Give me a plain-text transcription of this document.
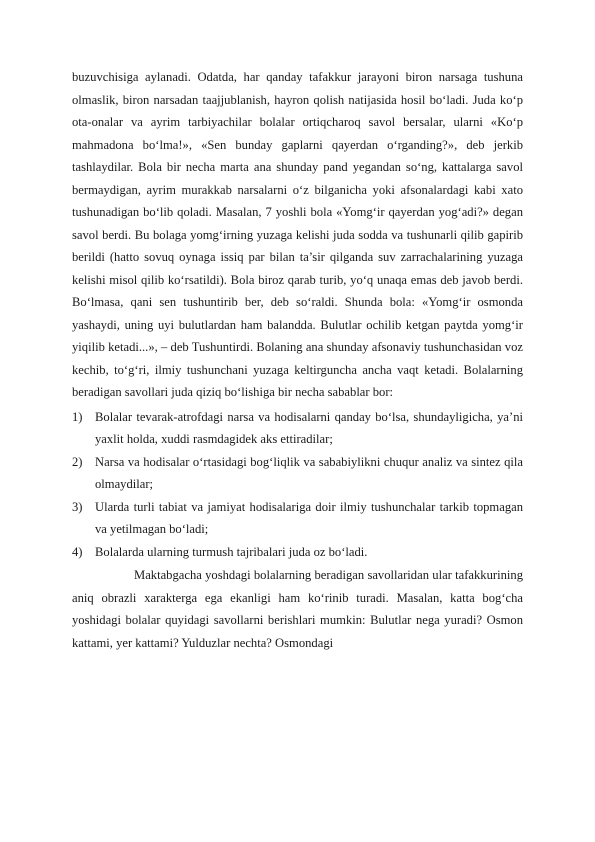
buzuvchisiga aylanadi. Odatda, har qanday tafakkur jarayoni biron narsaga tushuna olmaslik, biron narsadan taajjublanish, hayron qolish natijasida hosil bo‘ladi. Juda ko‘p ota-onalar va ayrim tarbiyachilar bolalar ortiqcharoq savol bersalar, ularni «Ko‘p mahmadona bo‘lma!», «Sen bunday gaplarni qayerdan o‘rganding?», deb jerkib tashlaydilar. Bola bir necha marta ana shunday pand yegandan so‘ng, kattalarga savol bermaydigan, ayrim murakkab narsalarni o‘z bilganicha yoki afsonalardagi kabi xato tushunadigan bo‘lib qoladi. Masalan, 7 yoshli bola «Yomg‘ir qayerdan yog‘adi?» degan savol berdi. Bu bolaga yomg‘irning yuzaga kelishi juda sodda va tushunarli qilib gapirib berildi (hatto sovuq oynaga issiq par bilan ta’sir qilganda suv zarrachalarining yuzaga kelishi misol qilib ko‘rsatildi). Bola biroz qarab turib, yo‘q unaqa emas deb javob berdi. Bo‘lmasa, qani sen tushuntirib ber, deb so‘raldi. Shunda bola: «Yomg‘ir osmonda yashaydi, uning uyi bulutlardan ham balandda. Bulutlar ochilib ketgan paytda yomg‘ir yiqilib ketadi...», – deb Tushuntirdi. Bolaning ana shunday afsonaviy tushunchasidan voz kechib, to‘g‘ri, ilmiy tushunchani yuzaga keltirguncha ancha vaqt ketadi. Bolalarning beradigan savollari juda qiziq bo‘lishiga bir necha sabablar bor:

1) Bolalar tevarak-atrofdagi narsa va hodisalarni qanday bo‘lsa, shundayligicha, ya’ni yaxlit holda, xuddi rasmdagidek aks ettiradilar;
2) Narsa va hodisalar o‘rtasidagi bog‘liqlik va sababiylikni chuqur analiz va sintez qila olmaydilar;
3) Ularda turli tabiat va jamiyat hodisalariga doir ilmiy tushunchalar tarkib topmagan va yetilmagan bo‘ladi;
4) Bolalarda ularning turmush tajribalari juda oz bo‘ladi.

Maktabgacha yoshdagi bolalarning beradigan savollaridan ular tafakkurining aniq obrazli xarakterga ega ekanligi ham ko‘rinib turadi. Masalan, katta bog‘cha yoshidagi bolalar quyidagi savollarni berishlari mumkin: Bulutlar nega yuradi? Osmon kattami, yer kattami? Yulduzlar nechta? Osmondagi
